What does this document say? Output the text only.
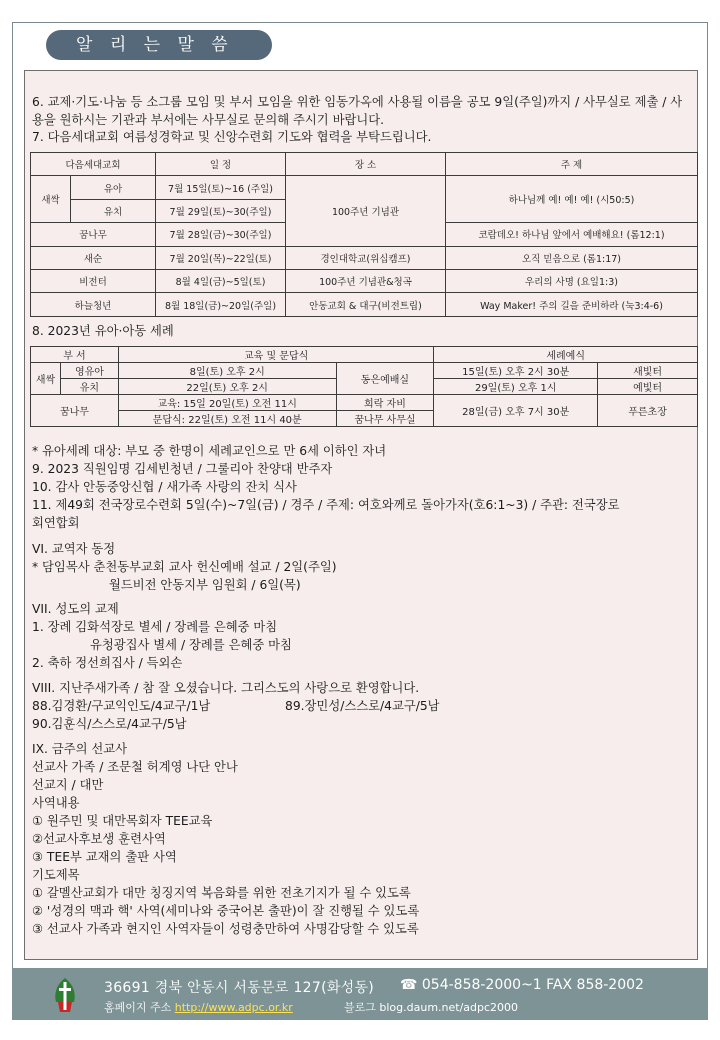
알 리 는 말 씀
6. 교제·기도·나눔 등 소그룹 모임 및 부서 모임을 위한 임동가옥에 사용될 이름을 공모 9일(주일)까지 / 사무실로 제출 / 사용을 원하시는 기관과 부서에는 사무실로 문의해 주시기 바랍니다.
7. 다음세대교회 여름성경학교 및 신앙수련회 기도와 협력을 부탁드립니다.
다음세대교회		일 정	장 소	주 제
새싹	유아	7월 15일(토)~16 (주일)	100주년 기념관	하나님께 예! 예! 예! (시50:5)
	유치	7월 29일(토)~30(주일)		
꿈나무		7월 28일(금)~30(주일)		코람데오! 하나님 앞에서 예배해요! (롬12:1)
새순		7월 20일(목)~22일(토)	경인대학교(위십캠프)	오직 믿음으로 (롬1:17)
비전터		8월 4일(금)~5일(토)	100주년 기념관&청곡	우리의 사명 (요일1:3)
하늘청년		8월 18일(금)~20일(주일)	안동교회 & 대구(비전트립)	Way Maker! 주의 길을 준비하라 (눅3:4-6)
8. 2023년 유아·아동 세례
부 서		교육 및 문답식		세례예식	
새싹	영유아	8일(토) 오후 2시	동은예배실	15일(토) 오후 2시 30분	새빛터
	유치	22일(토) 오후 2시		29일(토) 오후 1시	예빛터
꿈나무		교육: 15일 20일(토) 오전 11시	희락 자비	28일(금) 오후 7시 30분	푸른초장
		문답식: 22일(토) 오전 11시 40분	꿈나무 사무실		
* 유아세례 대상: 부모 중 한명이 세례교인으로 만 6세 이하인 자녀
9. 2023 직원임명 김세빈청년 / 그룰리아 찬양대 반주자
10. 감사 안동중앙신협 / 새가족 사랑의 잔치 식사
11. 제49회 전국장로수련회 5일(수)~7일(금) / 경주 / 주제: 여호와께로 돌아가자(호6:1~3) / 주관: 전국장로
회연합회
VI. 교역자 동정
* 담임목사 춘천동부교회 교사 헌신예배 설교 / 2일(주일)
월드비전 안동지부 임원회 / 6일(목)
VII. 성도의 교제
1. 장례 김화석장로 별세 / 장례를 은혜중 마침
유청광집사 별세 / 장례를 은혜중 마침
2. 축하 정선희집사 / 득외손
VIII. 지난주새가족 / 참 잘 오셨습니다. 그리스도의 사랑으로 환영합니다.
88.김경환/구교익인도/4교구/1남	89.장민성/스스로/4교구/5남
90.김훈식/스스로/4교구/5남
IX. 금주의 선교사
선교사 가족 / 조문철 허계영 나단 안나
선교지 / 대만
사역내용
① 원주민 및 대만목회자 TEE교육
②선교사후보생 훈련사역
③ TEE부 교재의 출판 사역
기도제목
① 갈멜산교회가 대만 칭징지역 복음화를 위한 전초기지가 될 수 있도록
② '성경의 맥과 핵' 사역(세미나와 중국어본 출판)이 잘 진행될 수 있도록
③ 선교사 가족과 현지인 사역자들이 성령충만하여 사명감당할 수 있도록
36691 경북 안동시 서동문로 127(화성동) ☎ 054-858-2000~1 FAX 858-2002
홈페이지 주소 http://www.adpc.or.kr	블로그 blog.daum.net/adpc2000
